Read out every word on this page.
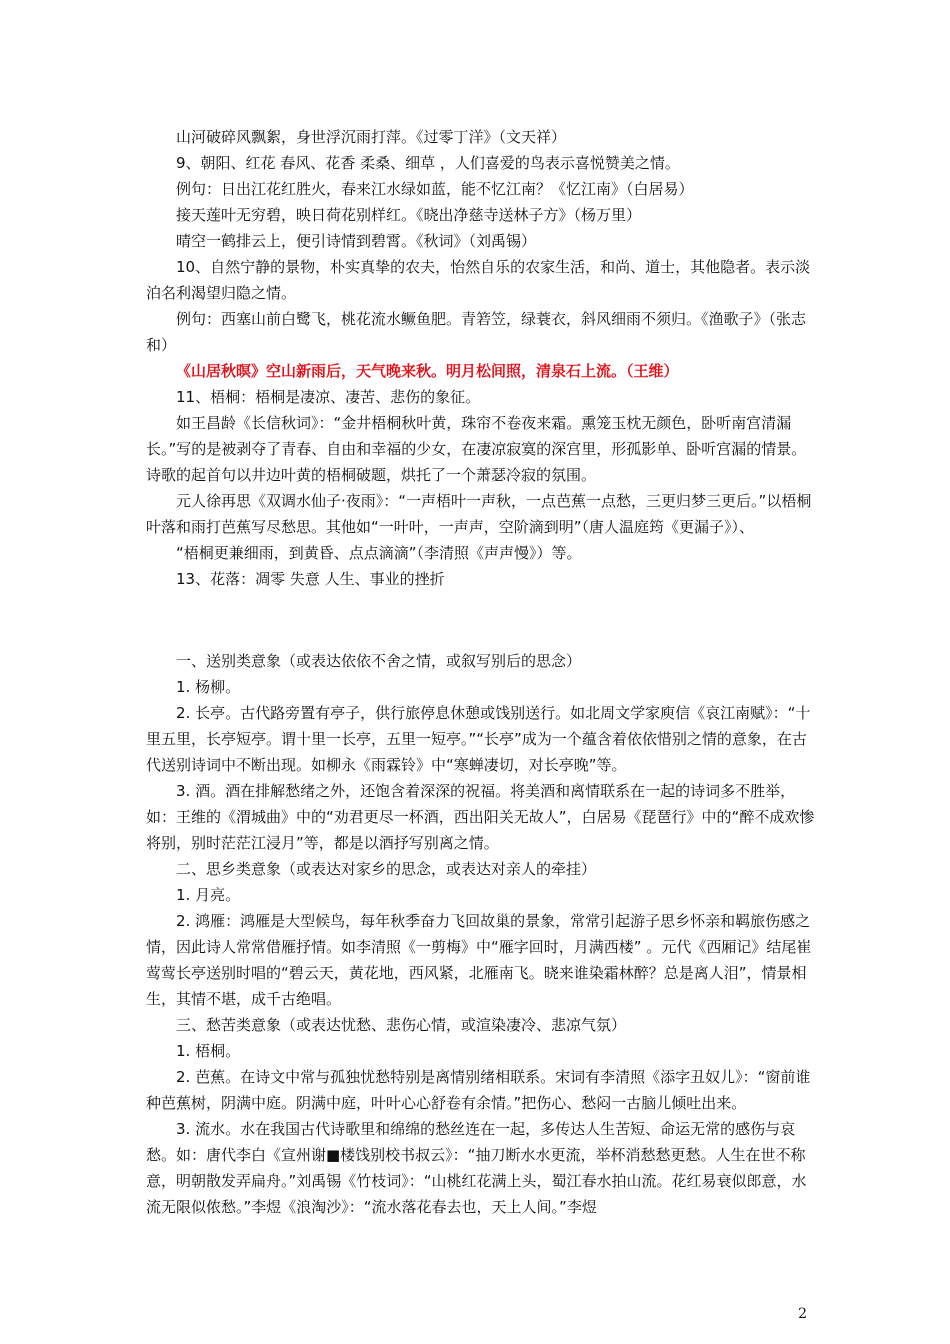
山河破碎风飘絮，身世浮沉雨打萍。《过零丁洋》（文天祥）

9、朝阳、红花 春风、花香 柔桑、细草 ，人们喜爱的鸟表示喜悦赞美之情。

例句：日出江花红胜火，春来江水绿如蓝，能不忆江南？《忆江南》（白居易）

接天莲叶无穷碧，映日荷花别样红。《晓出净慈寺送林子方》（杨万里）

晴空一鹤排云上，便引诗情到碧霄。《秋词》（刘禹锡）

10、自然宁静的景物，朴实真挚的农夫，怡然自乐的农家生活，和尚、道士，其他隐者。表示淡泊名利渴望归隐之情。

例句：西塞山前白鹭飞，桃花流水鳜鱼肥。青箬笠，绿蓑衣，斜风细雨不须归。《渔歌子》（张志和）

《山居秋暝》空山新雨后，天气晚来秋。明月松间照，清泉石上流。（王维）

11、梧桐：梧桐是凄凉、凄苦、悲伤的象征。

如王昌龄《长信秋词》：“金井梧桐秋叶黄，珠帘不卷夜来霜。熏笼玉枕无颜色，卧听南宫清漏长。”写的是被剥夺了青春、自由和幸福的少女，在凄凉寂寞的深宫里，形孤影单、卧听宫漏的情景。诗歌的起首句以井边叶黄的梧桐破题，烘托了一个萧瑟冷寂的氛围。

元人徐再思《双调水仙子·夜雨》：“一声梧叶一声秋，一点芭蕉一点愁，三更归梦三更后。”以梧桐叶落和雨打芭蕉写尽愁思。其他如“一叶叶，一声声，空阶滴到明”（唐人温庭筠《更漏子》）、

“梧桐更兼细雨，到黄昏、点点滴滴”（李清照《声声慢》）等。

13、花落：凋零 失意 人生、事业的挫折

一、送别类意象（或表达依依不舍之情，或叙写别后的思念）

1. 杨柳。

2. 长亭。古代路旁置有亭子，供行旅停息休憩或饯别送行。如北周文学家庾信《哀江南赋》：“十里五里，长亭短亭。谓十里一长亭，五里一短亭。”“长亭”成为一个蕴含着依依惜别之情的意象，在古代送别诗词中不断出现。如柳永《雨霖铃》中“寒蝉凄切，对长亭晚”等。

3. 酒。酒在排解愁绪之外，还饱含着深深的祝福。将美酒和离情联系在一起的诗词多不胜举，如：王维的《渭城曲》中的“劝君更尽一杯酒，西出阳关无故人”，白居易《琵琶行》中的“醉不成欢惨将别，别时茫茫江浸月”等，都是以酒抒写别离之情。

二、思乡类意象（或表达对家乡的思念，或表达对亲人的牵挂）

1. 月亮。

2. 鸿雁：鸿雁是大型候鸟，每年秋季奋力飞回故巢的景象，常常引起游子思乡怀亲和羁旅伤感之情，因此诗人常常借雁抒情。如李清照《一剪梅》中“雁字回时，月满西楼” 。元代《西厢记》结尾崔莺莺长亭送别时唱的“碧云天，黄花地，西风紧，北雁南飞。晓来谁染霜林醉？总是离人泪”，情景相生，其情不堪，成千古绝唱。

三、愁苦类意象（或表达忧愁、悲伤心情，或渲染凄冷、悲凉气氛）

1. 梧桐。

2. 芭蕉。在诗文中常与孤独忧愁特别是离情别绪相联系。宋词有李清照《添字丑奴儿》：“窗前谁种芭蕉树，阴满中庭。阴满中庭，叶叶心心舒卷有余情。”把伤心、愁闷一古脑儿倾吐出来。

3. 流水。水在我国古代诗歌里和绵绵的愁丝连在一起，多传达人生苦短、命运无常的感伤与哀愁。如：唐代李白《宣州谢■楼饯别校书叔云》：“抽刀断水水更流，举杯消愁愁更愁。人生在世不称意，明朝散发弄扁舟。”刘禹锡《竹枝词》：“山桃红花满上头，蜀江春水拍山流。花红易衰似郎意，水流无限似侬愁。”李煜《浪淘沙》：“流水落花春去也，天上人间。”李煜

2
